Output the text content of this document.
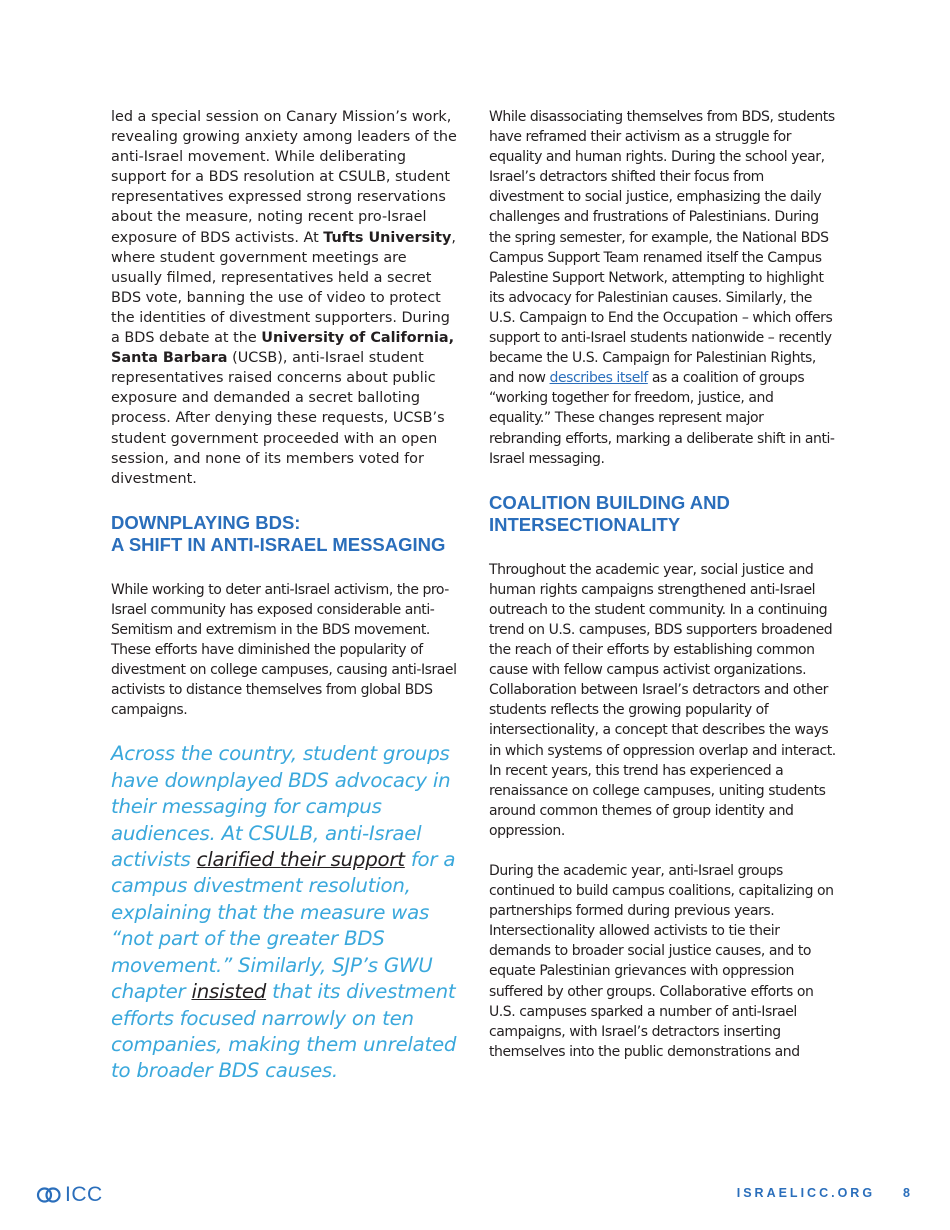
led a special session on Canary Mission’s work, revealing growing anxiety among leaders of the anti-Israel movement. While deliberating support for a BDS resolution at CSULB, student representatives expressed strong reservations about the measure, noting recent pro-Israel exposure of BDS activists. At Tufts University, where student government meetings are usually filmed, representatives held a secret BDS vote, banning the use of video to protect the identities of divestment supporters. During a BDS debate at the University of California, Santa Barbara (UCSB), anti-Israel student representatives raised concerns about public exposure and demanded a secret balloting process. After denying these requests, UCSB’s student government proceeded with an open session, and none of its members voted for divestment.

DOWNPLAYING BDS:
A SHIFT IN ANTI-ISRAEL MESSAGING

While working to deter anti-Israel activism, the pro-Israel community has exposed considerable anti-Semitism and extremism in the BDS movement. These efforts have diminished the popularity of divestment on college campuses, causing anti-Israel activists to distance themselves from global BDS campaigns.

Across the country, student groups have downplayed BDS advocacy in their messaging for campus audiences. At CSULB, anti-Israel activists clarified their support for a campus divestment resolution, explaining that the measure was “not part of the greater BDS movement.” Similarly, SJP’s GWU chapter insisted that its divestment efforts focused narrowly on ten companies, making them unrelated to broader BDS causes.

While disassociating themselves from BDS, students have reframed their activism as a struggle for equality and human rights. During the school year, Israel’s detractors shifted their focus from divestment to social justice, emphasizing the daily challenges and frustrations of Palestinians. During the spring semester, for example, the National BDS Campus Support Team renamed itself the Campus Palestine Support Network, attempting to highlight its advocacy for Palestinian causes. Similarly, the U.S. Campaign to End the Occupation – which offers support to anti-Israel students nationwide – recently became the U.S. Campaign for Palestinian Rights, and now describes itself as a coalition of groups “working together for freedom, justice, and equality.” These changes represent major rebranding efforts, marking a deliberate shift in anti-Israel messaging.

COALITION BUILDING AND
INTERSECTIONALITY

Throughout the academic year, social justice and human rights campaigns strengthened anti-Israel outreach to the student community. In a continuing trend on U.S. campuses, BDS supporters broadened the reach of their efforts by establishing common cause with fellow campus activist organizations. Collaboration between Israel’s detractors and other students reflects the growing popularity of intersectionality, a concept that describes the ways in which systems of oppression overlap and interact. In recent years, this trend has experienced a renaissance on college campuses, uniting students around common themes of group identity and oppression.

During the academic year, anti-Israel groups continued to build campus coalitions, capitalizing on partnerships formed during previous years. Intersectionality allowed activists to tie their demands to broader social justice causes, and to equate Palestinian grievances with oppression suffered by other groups. Collaborative efforts on U.S. campuses sparked a number of anti-Israel campaigns, with Israel’s detractors inserting themselves into the public demonstrations and

ICC	ISRAELICC.ORG 8
